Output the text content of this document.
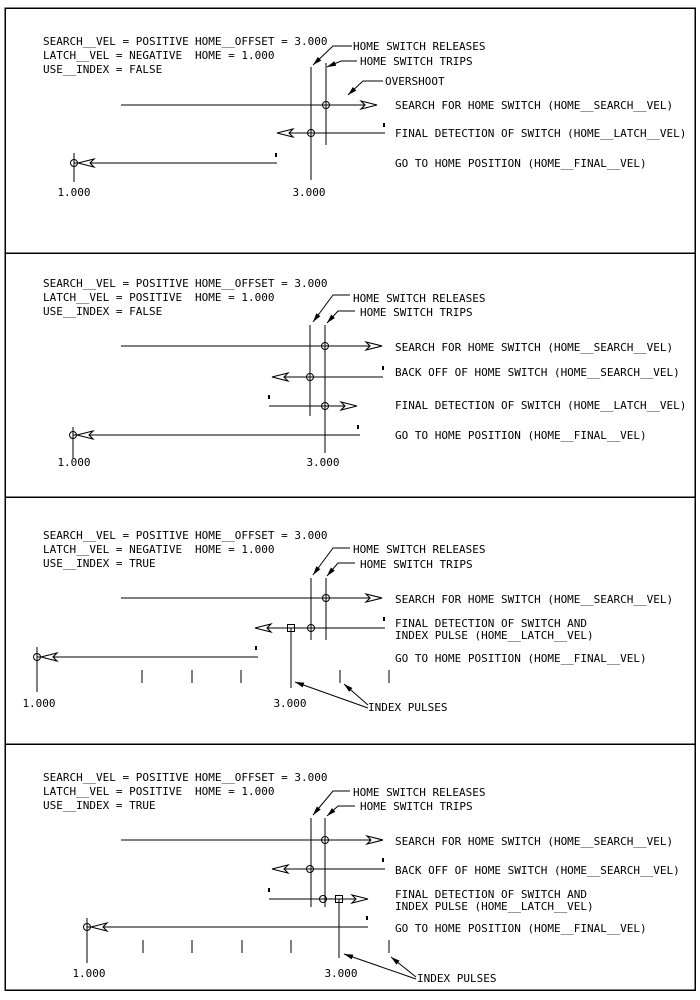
SEARCH__VEL = POSITIVE HOME__OFFSET = 3.000
LATCH__VEL = NEGATIVE HOME = 1.000
USE__INDEX = FALSE
HOME SWITCH RELEASES
HOME SWITCH TRIPS
OVERSHOOT
SEARCH FOR HOME SWITCH (HOME__SEARCH__VEL)
FINAL DETECTION OF SWITCH (HOME__LATCH__VEL)
GO TO HOME POSITION (HOME__FINAL__VEL)
1.000	3.000
SEARCH__VEL = POSITIVE HOME__OFFSET = 3.000
LATCH__VEL = POSITIVE HOME = 1.000
USE__INDEX = FALSE
HOME SWITCH RELEASES
HOME SWITCH TRIPS
SEARCH FOR HOME SWITCH (HOME__SEARCH__VEL)
BACK OFF OF HOME SWITCH (HOME__SEARCH__VEL)
FINAL DETECTION OF SWITCH (HOME__LATCH__VEL)
GO TO HOME POSITION (HOME__FINAL__VEL)
1.000	3.000
SEARCH__VEL = POSITIVE HOME__OFFSET = 3.000
LATCH__VEL = NEGATIVE HOME = 1.000
USE__INDEX = TRUE
HOME SWITCH RELEASES
HOME SWITCH TRIPS
SEARCH FOR HOME SWITCH (HOME__SEARCH__VEL)
FINAL DETECTION OF SWITCH AND
INDEX PULSE (HOME__LATCH__VEL)
GO TO HOME POSITION (HOME__FINAL__VEL)
INDEX PULSES
1.000	3.000
SEARCH__VEL = POSITIVE HOME__OFFSET = 3.000
LATCH__VEL = POSITIVE HOME = 1.000
USE__INDEX = TRUE
HOME SWITCH RELEASES
HOME SWITCH TRIPS
SEARCH FOR HOME SWITCH (HOME__SEARCH__VEL)
BACK OFF OF HOME SWITCH (HOME__SEARCH__VEL)
FINAL DETECTION OF SWITCH AND
INDEX PULSE (HOME__LATCH__VEL)
GO TO HOME POSITION (HOME__FINAL__VEL)
INDEX PULSES
1.000	3.000
